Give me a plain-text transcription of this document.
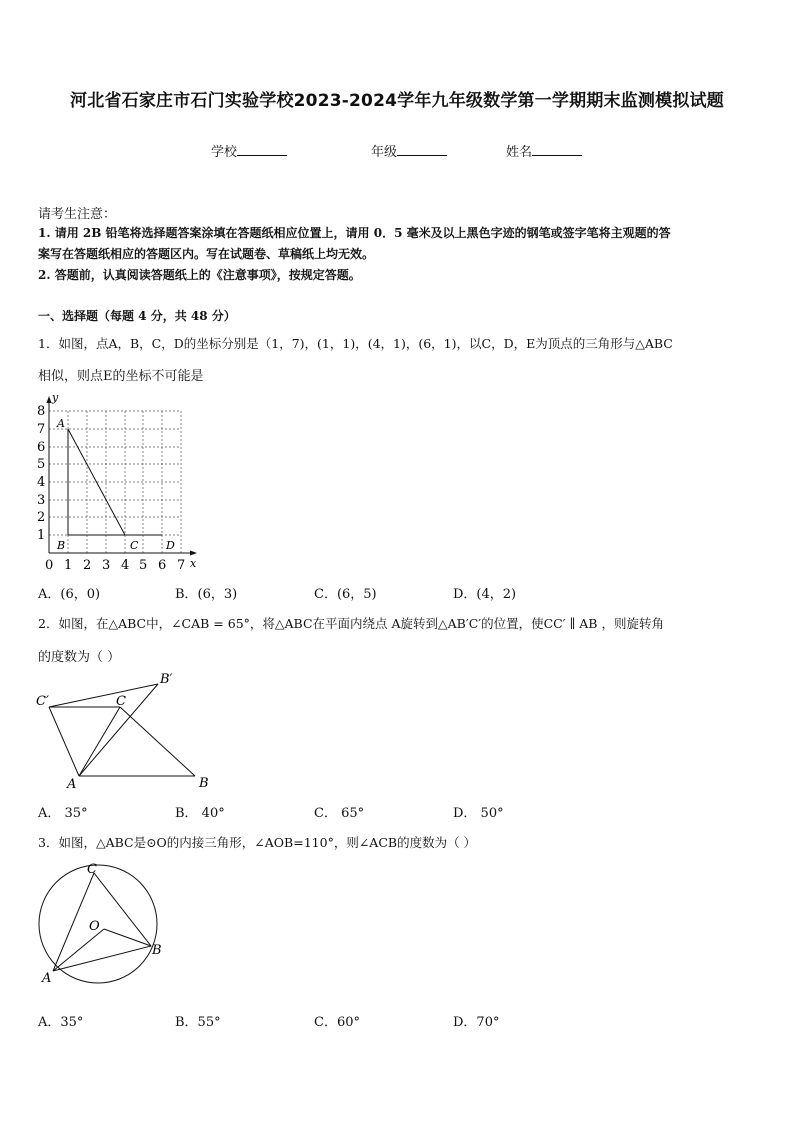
河北省石家庄市石门实验学校2023-2024学年九年级数学第一学期期末监测模拟试题
学校	年级	姓名
请考生注意：
1. 请用 2B 铅笔将选择题答案涂填在答题纸相应位置上，请用 0．5 毫米及以上黑色字迹的钢笔或签字笔将主观题的答
案写在答题纸相应的答题区内。写在试题卷、草稿纸上均无效。
2. 答题前，认真阅读答题纸上的《注意事项》，按规定答题。
一、选择题（每题 4 分，共 48 分）
1．如图，点A，B，C，D的坐标分别是（1，7)，(1，1)，(4，1)，(6，1)，以C，D，E为顶点的三角形与△ABC
相似，则点E的坐标不可能是
y
x
8
7
6
5
4
3
2
1
0 1 2 3 4 5 6 7
A
B	C	D
A．(6，0)	B．(6，3)	C．(6，5)	D．(4，2)
2．如图，在△ABC中，∠CAB = 65°，将△ABC在平面内绕点 A旋转到△AB′C′的位置，使CC′ ∥ AB ，则旋转角
的度数为（ ）
A	B
C
B′
C′
A． 35°	B． 40°	C． 65°	D． 50°
3．如图，△ABC是⊙O的内接三角形，∠AOB=110°，则∠ACB的度数为（ ）
A
B
C
O
A．35°	B．55°	C．60°	D．70°
